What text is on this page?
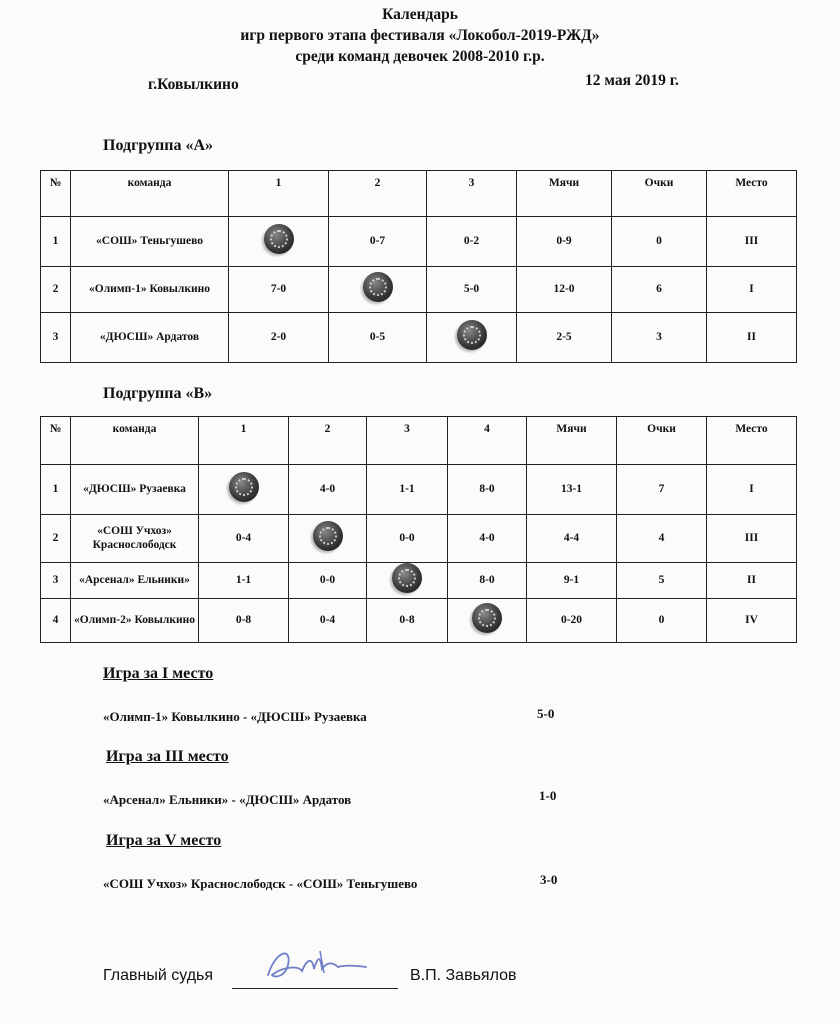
Календарь
игр первого этапа фестиваля «Локобол-2019-РЖД»
среди команд девочек 2008-2010 г.р.
г.Ковылкино	12 мая 2019 г.
Подгруппа «А»
№	команда	1	2	3	Мячи	Очки	Место
1	«СОШ» Теньгушево		0-7	0-2	0-9	0	III
2	«Олимп-1» Ковылкино	7-0		5-0	12-0	6	I
3	«ДЮСШ» Ардатов	2-0	0-5		2-5	3	II
Подгруппа «В»
№	команда	1	2	3	4	Мячи	Очки	Место
1	«ДЮСШ» Рузаевка		4-0	1-1	8-0	13-1	7	I
2	«СОШ Учхоз» Краснослободск	0-4		0-0	4-0	4-4	4	III
3	«Арсенал» Ельники»	1-1	0-0		8-0	9-1	5	II
4	«Олимп-2» Ковылкино	0-8	0-4	0-8		0-20	0	IV
Игра за I место
«Олимп-1» Ковылкино - «ДЮСШ» Рузаевка	5-0
Игра за III место
«Арсенал» Ельники» - «ДЮСШ» Ардатов	1-0
Игра за V место
«СОШ Учхоз» Краснослободск - «СОШ» Теньгушево	3-0
Главный судья	В.П. Завьялов
